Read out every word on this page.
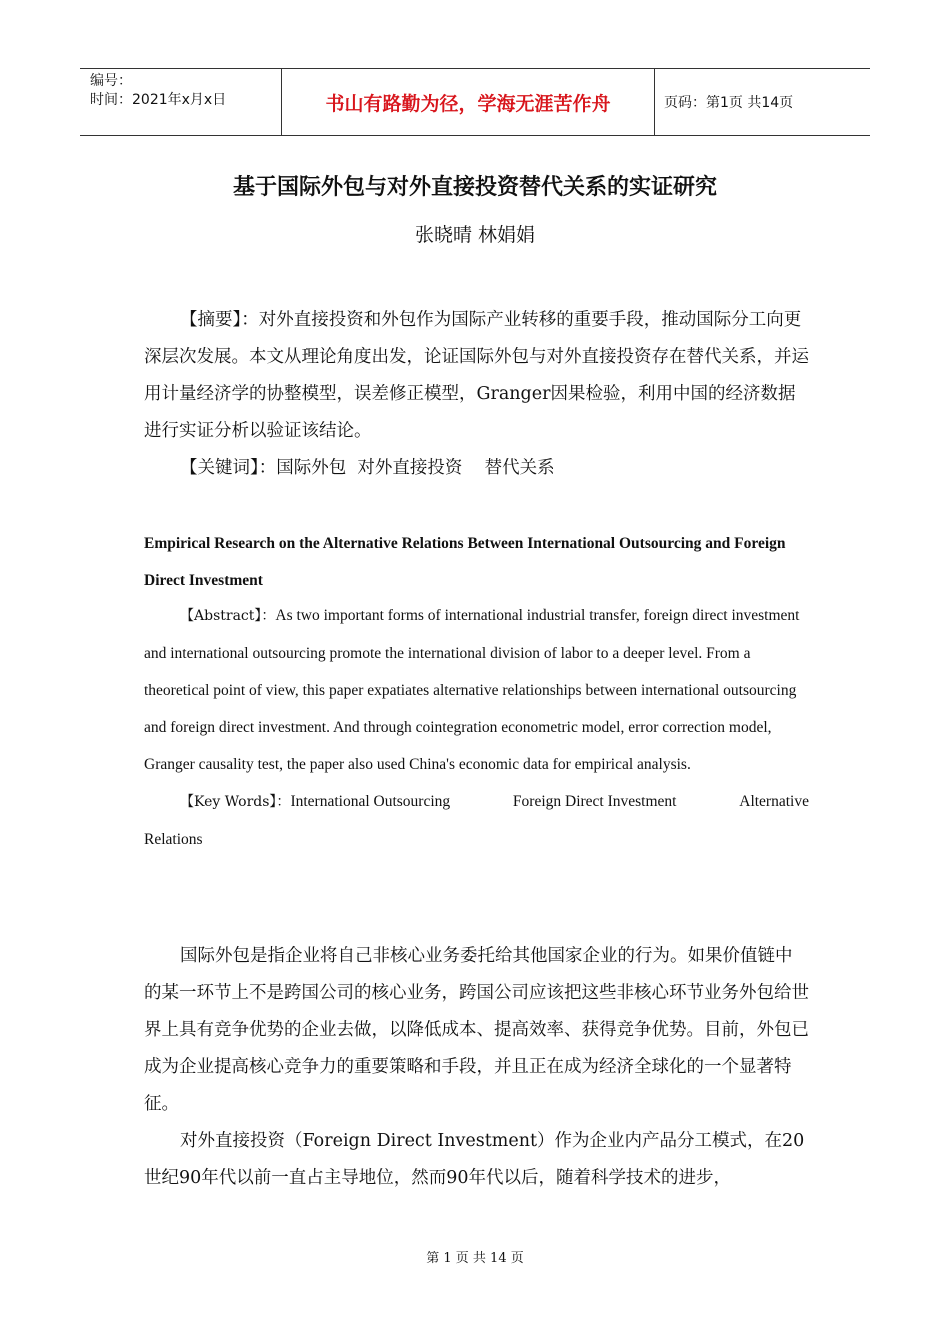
编号：
时间：2021年x月x日	书山有路勤为径，学海无涯苦作舟	页码：第1页 共14页
基于国际外包与对外直接投资替代关系的实证研究
张晓晴 林娟娟

【摘要】：对外直接投资和外包作为国际产业转移的重要手段，推动国际分工向更深层次发展。本文从理论角度出发，论证国际外包与对外直接投资存在替代关系，并运用计量经济学的协整模型，误差修正模型，Granger因果检验，利用中国的经济数据进行实证分析以验证该结论。

【关键词】：国际外包  对外直接投资    替代关系

Empirical Research on the Alternative Relations Between International Outsourcing and Foreign Direct Investment

【Abstract】：As two important forms of international industrial transfer, foreign direct investment and international outsourcing promote the international division of labor to a deeper level. From a theoretical point of view, this paper expatiates alternative relationships between international outsourcing and foreign direct investment. And through cointegration econometric model, error correction model, Granger causality test, the paper also used China's economic data for empirical analysis.

【Key Words】：International Outsourcing	Foreign Direct Investment	Alternative
Relations

国际外包是指企业将自己非核心业务委托给其他国家企业的行为。如果价值链中的某一环节上不是跨国公司的核心业务，跨国公司应该把这些非核心环节业务外包给世界上具有竞争优势的企业去做，以降低成本、提高效率、获得竞争优势。目前，外包已成为企业提高核心竞争力的重要策略和手段，并且正在成为经济全球化的一个显著特征。

对外直接投资（Foreign Direct Investment）作为企业内产品分工模式，在20世纪90年代以前一直占主导地位，然而90年代以后，随着科学技术的进步，

第 1 页 共 14 页
